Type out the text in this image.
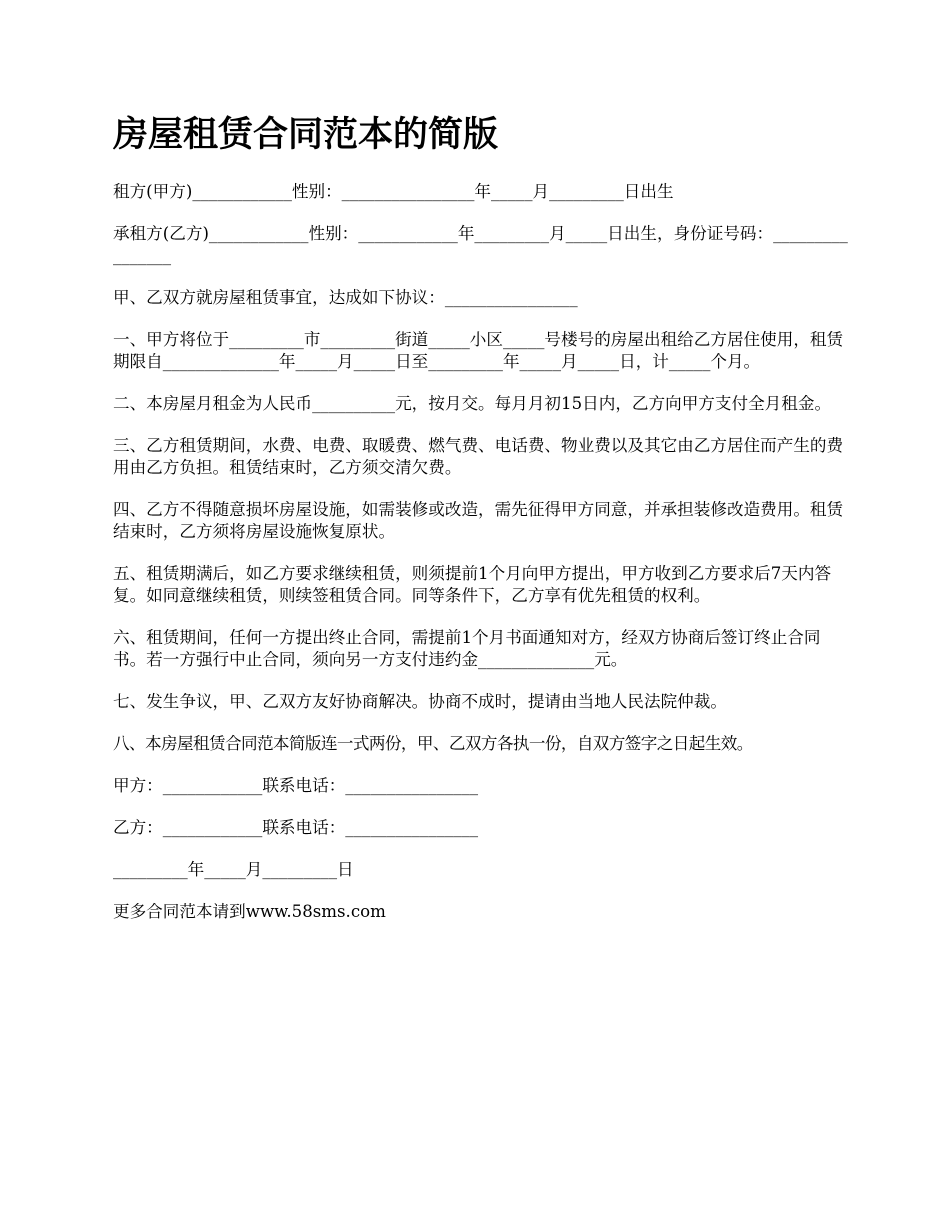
房屋租赁合同范本的简版

租方(甲方)____________性别：________________年_____月_________日出生

承租方(乙方)____________性别：____________年_________月_____日出生，身份证号码：________________

甲、乙双方就房屋租赁事宜，达成如下协议：________________

一、甲方将位于_________市_________街道_____小区_____号楼号的房屋出租给乙方居住使用，租赁期限自______________年_____月_____日至_________年_____月_____日，计_____个月。

二、本房屋月租金为人民币__________元，按月交。每月月初15日内，乙方向甲方支付全月租金。

三、乙方租赁期间，水费、电费、取暖费、燃气费、电话费、物业费以及其它由乙方居住而产生的费用由乙方负担。租赁结束时，乙方须交清欠费。

四、乙方不得随意损坏房屋设施，如需装修或改造，需先征得甲方同意，并承担装修改造费用。租赁结束时，乙方须将房屋设施恢复原状。

五、租赁期满后，如乙方要求继续租赁，则须提前1个月向甲方提出，甲方收到乙方要求后7天内答复。如同意继续租赁，则续签租赁合同。同等条件下，乙方享有优先租赁的权利。

六、租赁期间，任何一方提出终止合同，需提前1个月书面通知对方，经双方协商后签订终止合同书。若一方强行中止合同，须向另一方支付违约金______________元。

七、发生争议，甲、乙双方友好协商解决。协商不成时，提请由当地人民法院仲裁。

八、本房屋租赁合同范本简版连一式两份，甲、乙双方各执一份，自双方签字之日起生效。

甲方：____________联系电话：________________

乙方：____________联系电话：________________

_________年_____月_________日

更多合同范本请到www.58sms.com
